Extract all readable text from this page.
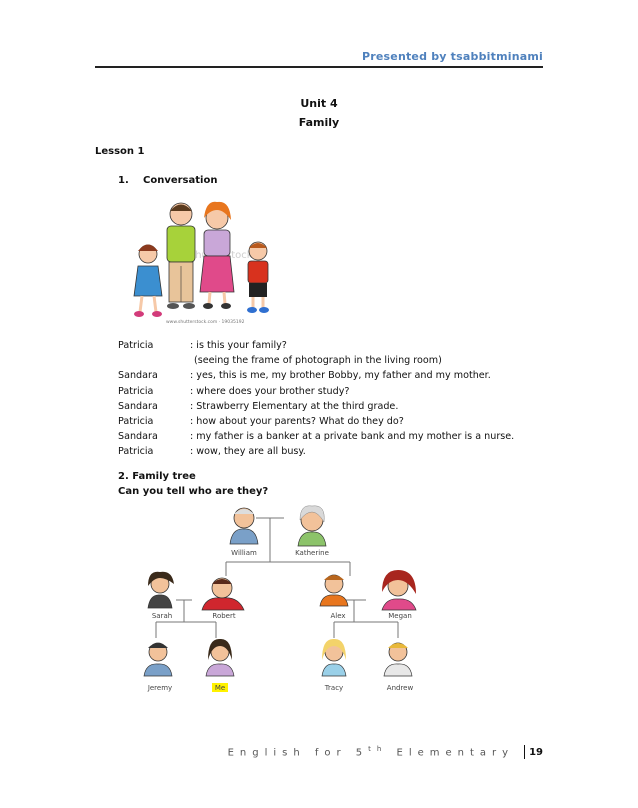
Presented by tsabbitminami
Unit 4
Family
Lesson 1
1. Conversation
www.shutterstock.com · 19035192
Patricia	: is this your family?
(seeing the frame of photograph in the living room)
Sandara	: yes, this is me, my brother Bobby, my father and my mother.
Patricia	: where does your brother study?
Sandara	: Strawberry Elementary at the third grade.
Patricia	: how about your parents? What do they do?
Sandara	: my father is a banker at a private bank and my mother is a nurse.
Patricia	: wow, they are all busy.
2. Family tree
Can you tell who are they?
William	Katherine
Sarah	Robert	Alex	Megan
Jeremy	Me	Tracy	Andrew
English for 5th Elementary 19
